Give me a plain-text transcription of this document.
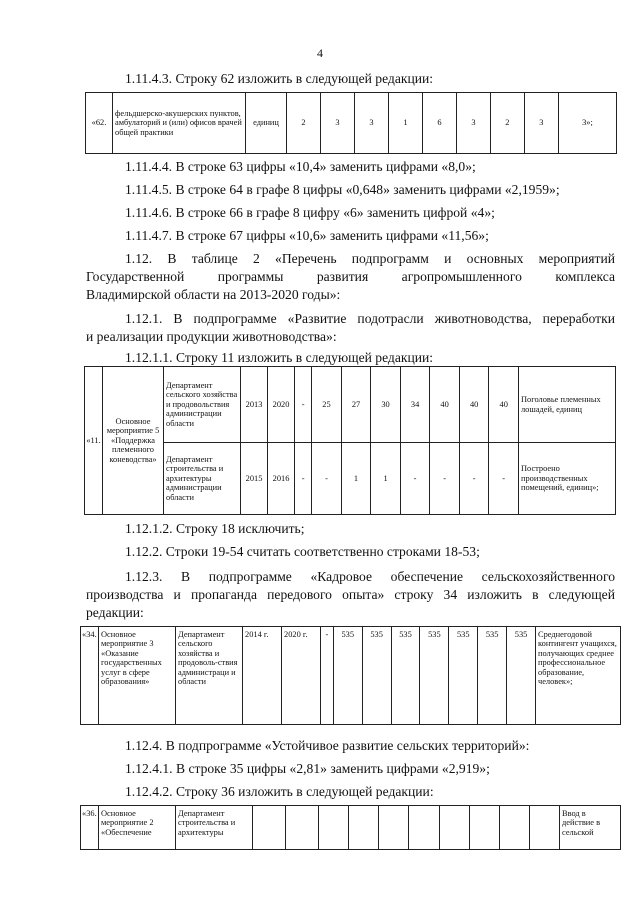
4
1.11.4.3. Строку 62 изложить в следующей редакции:
«62.	фельдшерско-акушерских пунктов, амбулаторий и (или) офисов врачей общей практики	единиц	2	3	3	1	6	3	2	3	3»;
1.11.4.4. В строке 63 цифры «10,4» заменить цифрами «8,0»;
1.11.4.5. В строке 64 в графе 8 цифры «0,648» заменить цифрами «2,1959»;
1.11.4.6. В строке 66 в графе 8 цифру «6» заменить цифрой «4»;
1.11.4.7. В строке 67 цифры «10,6» заменить цифрами «11,56»;
1.12. В таблице 2 «Перечень подпрограмм и основных мероприятий
Государственной программы развития агропромышленного комплекса
Владимирской области на 2013-2020 годы»:
1.12.1. В подпрограмме «Развитие подотрасли животноводства, переработки
и реализации продукции животноводства»:
1.12.1.1. Строку 11 изложить в следующей редакции:
«11.	Основное мероприятие 5 «Поддержка племенного коневодства»	Департамент сельского хозяйства и продовольствия администрации области	2013	2020	-	25	27	30	34	40	40	40	Поголовье племенных лошадей, единиц
		Департамент строительства и архитектуры администрации области	2015	2016	-	-	1	1	-	-	-	-	Построено производственных помещений, единиц»;
1.12.1.2. Строку 18 исключить;
1.12.2. Строки 19-54 считать соответственно строками 18-53;
1.12.3. В подпрограмме «Кадровое обеспечение сельскохозяйственного
производства и пропаганда передового опыта» строку 34 изложить в следующей
редакции:
«34.	Основное мероприятие 3 «Оказание государственных услуг в сфере образования»	Департамент сельского хозяйства и продоволь-ствия администраци и области	2014 г.	2020 г.	-	535	535	535	535	535	535	535	Среднегодовой контингент учащихся, получающих среднее профессиональное образование, человек»;
1.12.4. В подпрограмме «Устойчивое развитие сельских территорий»:
1.12.4.1. В строке 35 цифры «2,81» заменить цифрами «2,919»;
1.12.4.2. Строку 36 изложить в следующей редакции:
«36.	Основное мероприятие 2 «Обеспечение	Департамент строительства и архитектуры											Ввод в действие в сельской
